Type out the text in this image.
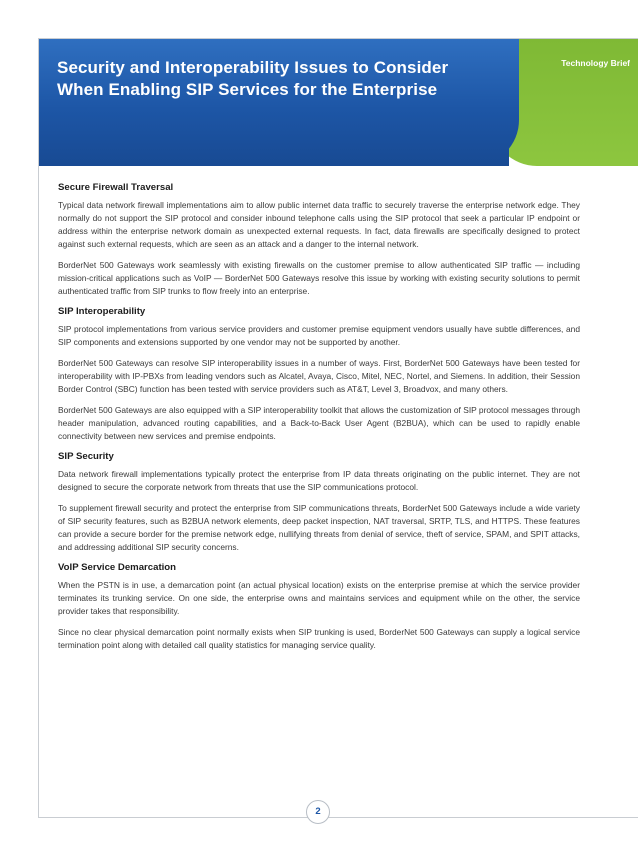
Security and Interoperability Issues to Consider When Enabling SIP Services for the Enterprise
Technology Brief
Secure Firewall Traversal

Typical data network firewall implementations aim to allow public internet data traffic to securely traverse the enterprise network edge. They normally do not support the SIP protocol and consider inbound telephone calls using the SIP protocol that seek a particular IP endpoint or address within the enterprise network domain as unexpected external requests. In fact, data firewalls are specifically designed to protect against such external requests, which are seen as an attack and a danger to the internal network.

BorderNet 500 Gateways work seamlessly with existing firewalls on the customer premise to allow authenticated SIP traffic — including mission-critical applications such as VoIP — BorderNet 500 Gateways resolve this issue by working with existing security solutions to permit authenticated traffic from SIP trunks to flow freely into an enterprise.

SIP Interoperability

SIP protocol implementations from various service providers and customer premise equipment vendors usually have subtle differences, and SIP components and extensions supported by one vendor may not be supported by another.

BorderNet 500 Gateways can resolve SIP interoperability issues in a number of ways. First, BorderNet 500 Gateways have been tested for interoperability with IP-PBXs from leading vendors such as Alcatel, Avaya, Cisco, Mitel, NEC, Nortel, and Siemens. In addition, their Session Border Control (SBC) function has been tested with service providers such as AT&T, Level 3, Broadvox, and many others.

BorderNet 500 Gateways are also equipped with a SIP interoperability toolkit that allows the customization of SIP protocol messages through header manipulation, advanced routing capabilities, and a Back-to-Back User Agent (B2BUA), which can be used to rapidly enable connectivity between new services and premise endpoints.

SIP Security

Data network firewall implementations typically protect the enterprise from IP data threats originating on the public internet. They are not designed to secure the corporate network from threats that use the SIP communications protocol.

To supplement firewall security and protect the enterprise from SIP communications threats, BorderNet 500 Gateways include a wide variety of SIP security features, such as B2BUA network elements, deep packet inspection, NAT traversal, SRTP, TLS, and HTTPS. These features can provide a secure border for the premise network edge, nullifying threats from denial of service, theft of service, SPAM, and SPIT attacks, and addressing additional SIP security concerns.

VoIP Service Demarcation

When the PSTN is in use, a demarcation point (an actual physical location) exists on the enterprise premise at which the service provider terminates its trunking service. On one side, the enterprise owns and maintains services and equipment while on the other, the service provider takes that responsibility.

Since no clear physical demarcation point normally exists when SIP trunking is used, BorderNet 500 Gateways can supply a logical service termination point along with detailed call quality statistics for managing service quality.

2
